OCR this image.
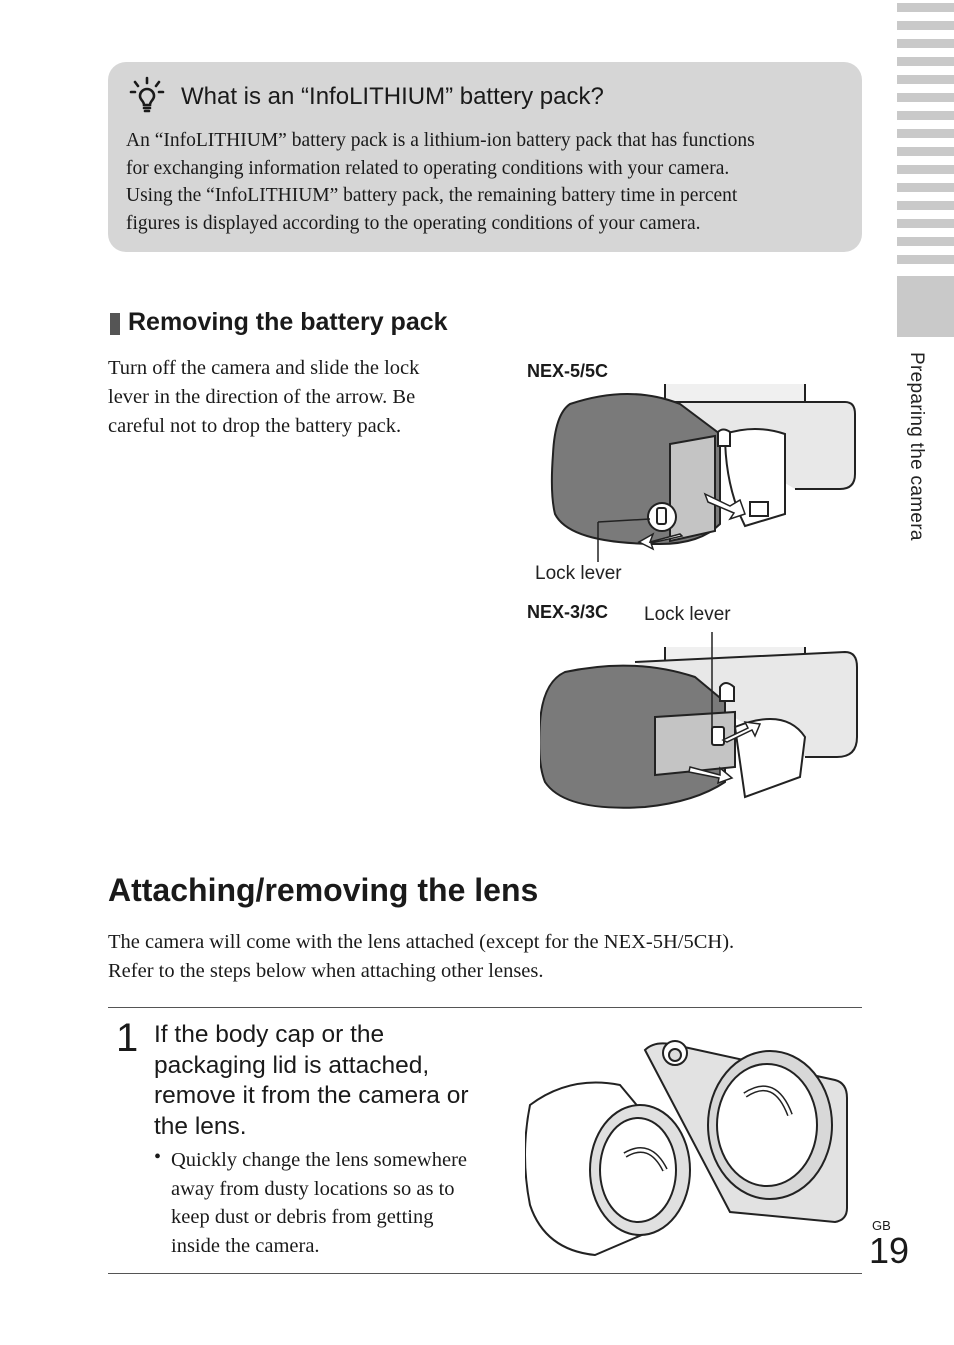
Preparing the camera
What is an “InfoLITHIUM” battery pack?
An “InfoLITHIUM” battery pack is a lithium-ion battery pack that has functions
for exchanging information related to operating conditions with your camera.
Using the “InfoLITHIUM” battery pack, the remaining battery time in percent
figures is displayed according to the operating conditions of your camera.
Removing the battery pack
Turn off the camera and slide the lock
lever in the direction of the arrow. Be
careful not to drop the battery pack.
NEX-5/5C
Lock lever
NEX-3/3C Lock lever
Attaching/removing the lens
The camera will come with the lens attached (except for the NEX-5H/5CH).
Refer to the steps below when attaching other lenses.
1 If the body cap or the
packaging lid is attached,
remove it from the camera or
the lens.
• Quickly change the lens somewhere
away from dusty locations so as to
keep dust or debris from getting
inside the camera.
GB
19
